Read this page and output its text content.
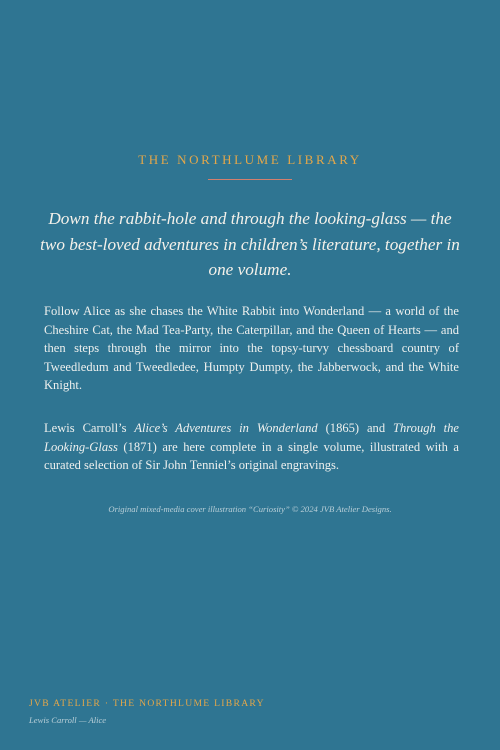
THE NORTHLUME LIBRARY

Down the rabbit-hole and through the looking-glass — the two best-loved adventures in children’s literature, together in one volume.

Follow Alice as she chases the White Rabbit into Wonderland — a world of the Cheshire Cat, the Mad Tea-Party, the Caterpillar, and the Queen of Hearts — and then steps through the mirror into the topsy-turvy chessboard country of Tweedledum and Tweedledee, Humpty Dumpty, the Jabberwock, and the White Knight.

Lewis Carroll’s Alice’s Adventures in Wonderland (1865) and Through the Looking-Glass (1871) are here complete in a single volume, illustrated with a curated selection of Sir John Tenniel’s original engravings.

Original mixed-media cover illustration “Curiosity” © 2024 JVB Atelier Designs.
JVB ATELIER · THE NORTHLUME LIBRARY
Lewis Carroll — Alice
